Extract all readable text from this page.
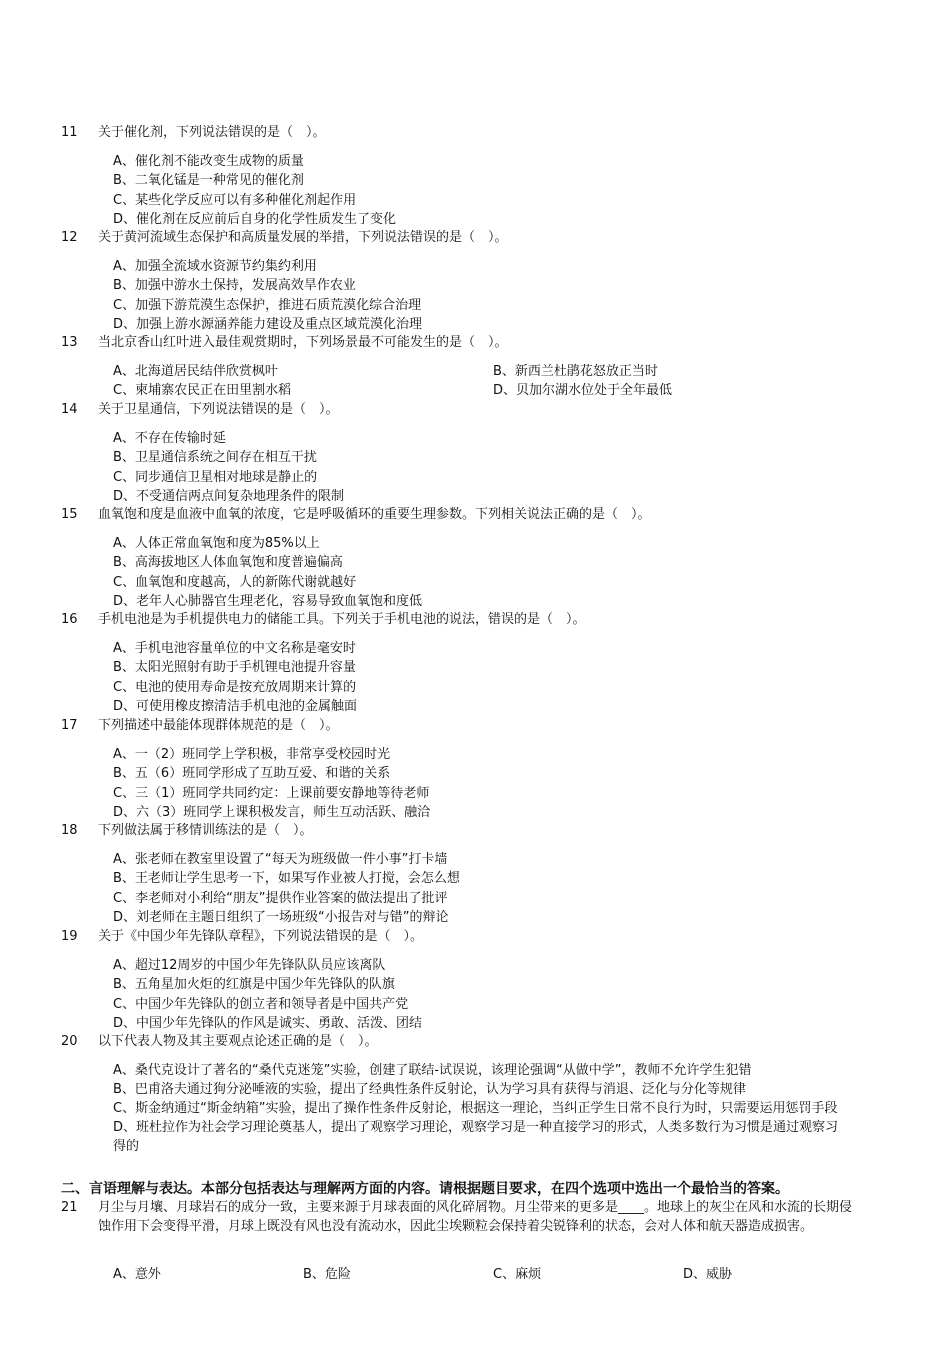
11 关于催化剂，下列说法错误的是（　）。
A、催化剂不能改变生成物的质量
B、二氧化锰是一种常见的催化剂
C、某些化学反应可以有多种催化剂起作用
D、催化剂在反应前后自身的化学性质发生了变化
12 关于黄河流域生态保护和高质量发展的举措，下列说法错误的是（　）。
A、加强全流域水资源节约集约利用
B、加强中游水土保持，发展高效旱作农业
C、加强下游荒漠生态保护，推进石质荒漠化综合治理
D、加强上游水源涵养能力建设及重点区域荒漠化治理
13 当北京香山红叶进入最佳观赏期时，下列场景最不可能发生的是（　）。
A、北海道居民结伴欣赏枫叶	B、新西兰杜鹃花怒放正当时
C、柬埔寨农民正在田里割水稻	D、贝加尔湖水位处于全年最低
14 关于卫星通信，下列说法错误的是（　）。
A、不存在传输时延
B、卫星通信系统之间存在相互干扰
C、同步通信卫星相对地球是静止的
D、不受通信两点间复杂地理条件的限制
15 血氧饱和度是血液中血氧的浓度，它是呼吸循环的重要生理参数。下列相关说法正确的是（　）。
A、人体正常血氧饱和度为85%以上
B、高海拔地区人体血氧饱和度普遍偏高
C、血氧饱和度越高，人的新陈代谢就越好
D、老年人心肺器官生理老化，容易导致血氧饱和度低
16 手机电池是为手机提供电力的储能工具。下列关于手机电池的说法，错误的是（　）。
A、手机电池容量单位的中文名称是毫安时
B、太阳光照射有助于手机锂电池提升容量
C、电池的使用寿命是按充放周期来计算的
D、可使用橡皮擦清洁手机电池的金属触面
17 下列描述中最能体现群体规范的是（　）。
A、一（2）班同学上学积极，非常享受校园时光
B、五（6）班同学形成了互助互爱、和谐的关系
C、三（1）班同学共同约定：上课前要安静地等待老师
D、六（3）班同学上课积极发言，师生互动活跃、融洽
18 下列做法属于移情训练法的是（　）。
A、张老师在教室里设置了“每天为班级做一件小事”打卡墙
B、王老师让学生思考一下，如果写作业被人打搅，会怎么想
C、李老师对小利给“朋友”提供作业答案的做法提出了批评
D、刘老师在主题日组织了一场班级“小报告对与错”的辩论
19 关于《中国少年先锋队章程》，下列说法错误的是（　）。
A、超过12周岁的中国少年先锋队队员应该离队
B、五角星加火炬的红旗是中国少年先锋队的队旗
C、中国少年先锋队的创立者和领导者是中国共产党
D、中国少年先锋队的作风是诚实、勇敢、活泼、团结
20 以下代表人物及其主要观点论述正确的是（　）。
A、桑代克设计了著名的“桑代克迷笼”实验，创建了联结-试误说，该理论强调“从做中学”，教师不允许学生犯错
B、巴甫洛夫通过狗分泌唾液的实验，提出了经典性条件反射论，认为学习具有获得与消退、泛化与分化等规律
C、斯金纳通过“斯金纳箱”实验，提出了操作性条件反射论，根据这一理论，当纠正学生日常不良行为时，只需要运用惩罚手段
D、班杜拉作为社会学习理论奠基人，提出了观察学习理论，观察学习是一种直接学习的形式，人类多数行为习惯是通过观察习得的
二、言语理解与表达。本部分包括表达与理解两方面的内容。请根据题目要求，在四个选项中选出一个最恰当的答案。
21 月尘与月壤、月球岩石的成分一致，主要来源于月球表面的风化碎屑物。月尘带来的更多是____。地球上的灰尘在风和水流的长期侵蚀作用下会变得平滑，月球上既没有风也没有流动水，因此尘埃颗粒会保持着尖锐锋利的状态，会对人体和航天器造成损害。
A、意外	B、危险	C、麻烦	D、威胁
